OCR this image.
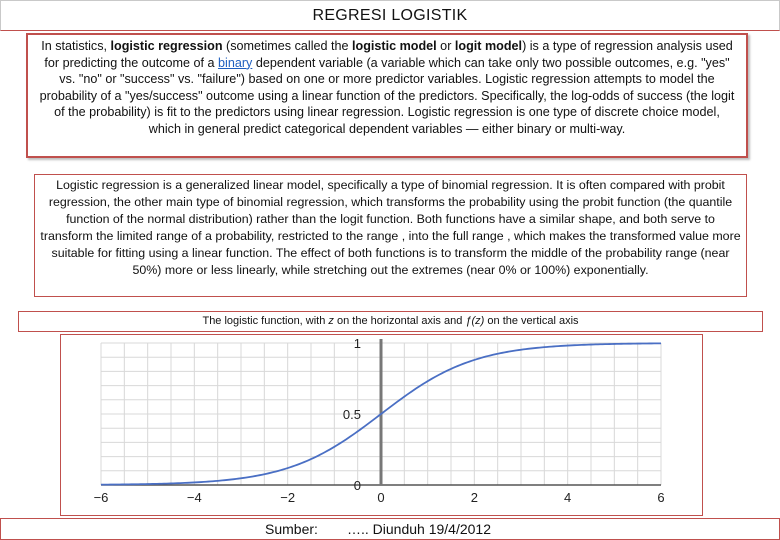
REGRESI LOGISTIK
In statistics, logistic regression (sometimes called the logistic model or logit model) is a type of regression analysis used for predicting the outcome of a binary dependent variable (a variable which can take only two possible outcomes, e.g. "yes" vs. "no" or "success" vs. "failure") based on one or more predictor variables. Logistic regression attempts to model the probability of a "yes/success" outcome using a linear function of the predictors. Specifically, the log-odds of success (the logit of the probability) is fit to the predictors using linear regression. Logistic regression is one type of discrete choice model, which in general predict categorical dependent variables — either binary or multi-way.
Logistic regression is a generalized linear model, specifically a type of binomial regression. It is often compared with probit regression, the other main type of binomial regression, which transforms the probability using the probit function (the quantile function of the normal distribution) rather than the logit function. Both functions have a similar shape, and both serve to transform the limited range of a probability, restricted to the range , into the full range , which makes the transformed value more suitable for fitting using a linear function. The effect of both functions is to transform the middle of the probability range (near 50%) more or less linearly, while stretching out the extremes (near 0% or 100%) exponentially.
The logistic function, with z on the horizontal axis and ƒ(z) on the vertical axis
−6	−4	−2	0	2	4	6
0
0.5
1
Sumber: ….. Diunduh 19/4/2012
